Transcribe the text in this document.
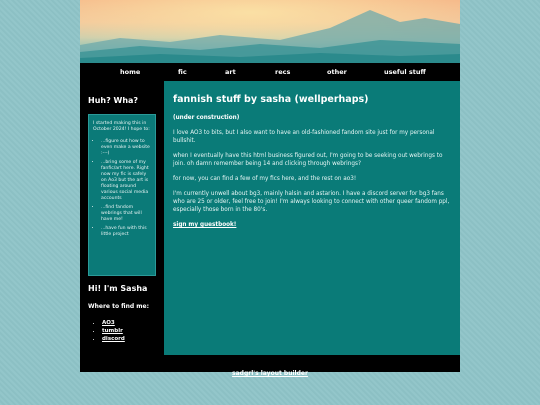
home	fic	art	recs	other	useful stuff
Huh? Wha?

I started making this in October 2024! I hope to:

• ...figure out how to even make a website :---)
• ...bring some of my fanfic/art here. Right now my fic is safely on Ao3 but the art is floating around various social media accounts
• ...find fandom webrings that will have me!
• ...have fun with this little project
Hi! I'm Sasha
Where to find me:
• AO3
• tumblr
• discord
fannish stuff by sasha (wellperhaps)

(under construction)

I love AO3 to bits, but I also want to have an old-fashioned fandom site just for my personal bullshit.

when I eventually have this html business figured out, I'm going to be seeking out webrings to join. oh damn remember being 14 and clicking through webrings?

for now, you can find a few of my fics here, and the rest on ao3!

I'm currently unwell about bg3, mainly halsin and astarion. I have a discord server for bg3 fans who are 25 or older, feel free to join! I'm always looking to connect with other queer fandom ppl, especially those born in the 80's.

sign my guestbook!

$_{sadgrl's layout builder}$
